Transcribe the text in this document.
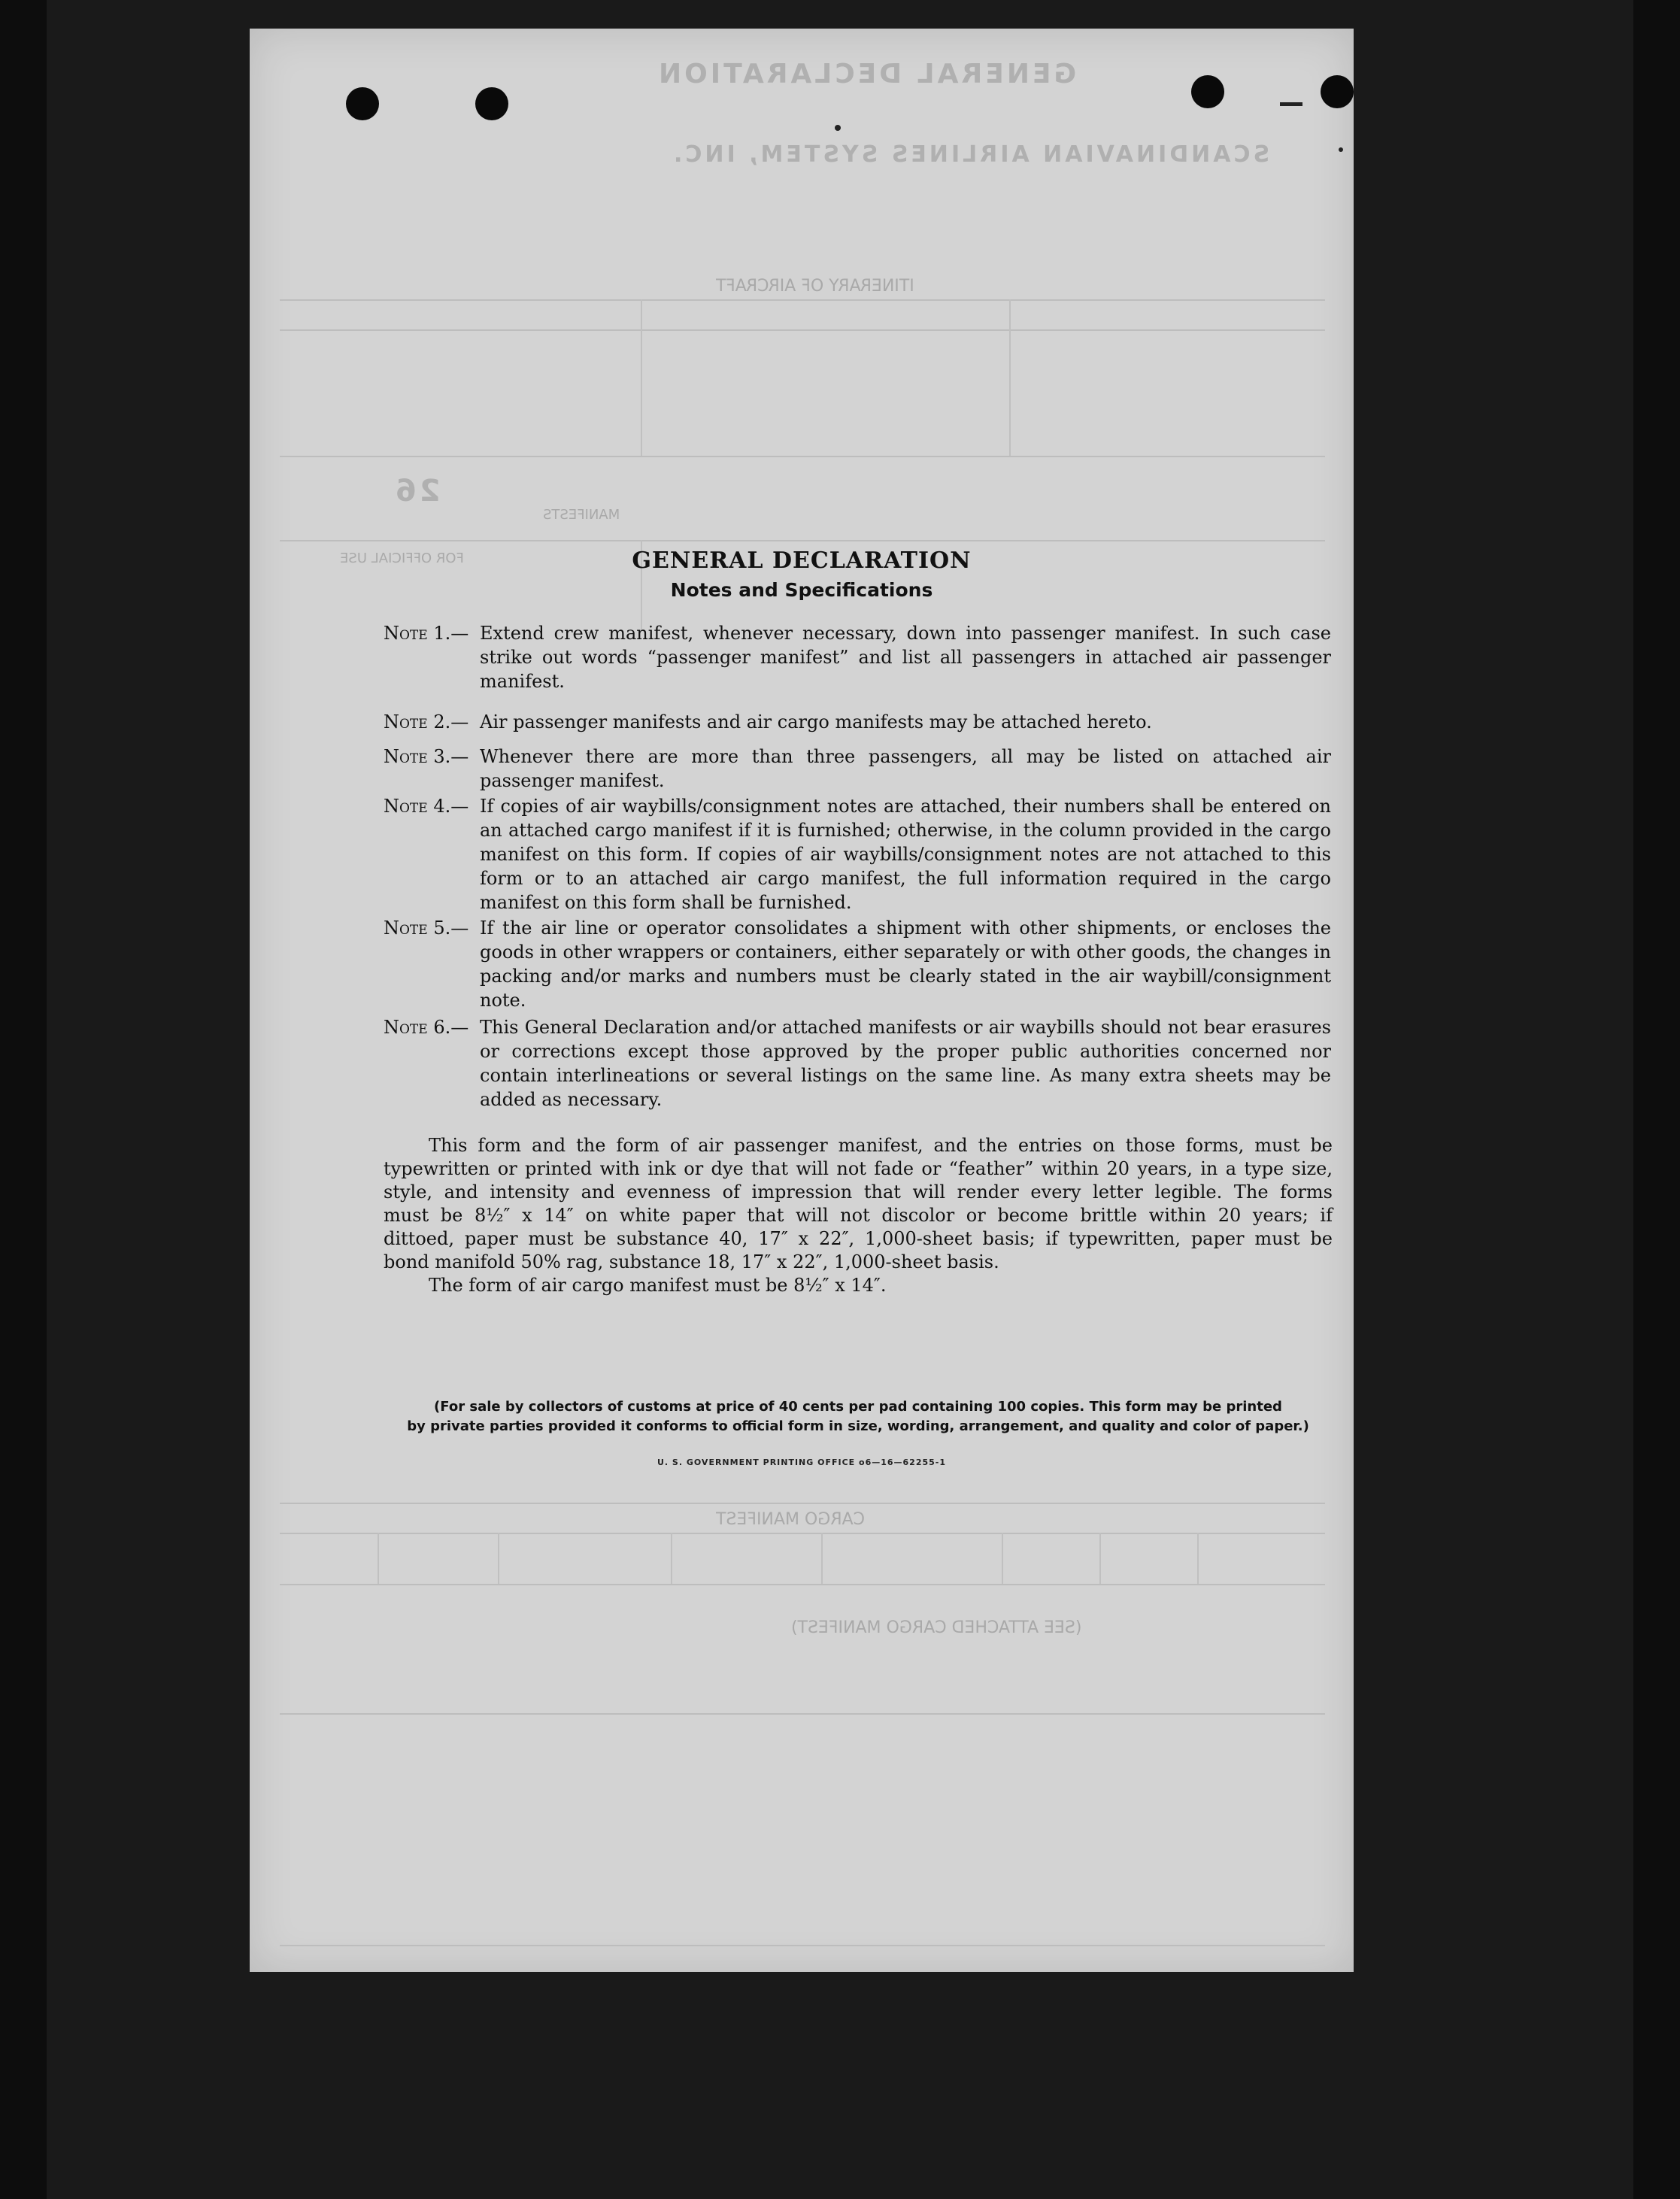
GENERAL DECLARATION
SCANDINAVIAN AIRLINES SYSTEM, INC.
ITINERARY OF AIRCRAFT
26
MANIFESTS
FOR OFFICIAL USE
CARGO MANIFEST
(SEE ATTACHED CARGO MANIFEST)
GENERAL DECLARATION
Notes and Specifications
Note 1.— Extend crew manifest, whenever necessary, down into passenger manifest. In such case strike out words “passenger manifest” and list all passengers in attached air passenger manifest.
Note 2.— Air passenger manifests and air cargo manifests may be attached hereto.
Note 3.— Whenever there are more than three passengers, all may be listed on attached air passenger manifest.
Note 4.— If copies of air waybills/consignment notes are attached, their numbers shall be entered on an attached cargo manifest if it is furnished; otherwise, in the column provided in the cargo manifest on this form. If copies of air waybills/consignment notes are not attached to this form or to an attached air cargo manifest, the full information required in the cargo manifest on this form shall be furnished.
Note 5.— If the air line or operator consolidates a shipment with other shipments, or encloses the goods in other wrappers or containers, either separately or with other goods, the changes in packing and/or marks and numbers must be clearly stated in the air waybill/consignment note.
Note 6.— This General Declaration and/or attached manifests or air waybills should not bear erasures or corrections except those approved by the proper public authorities concerned nor contain interlineations or several listings on the same line. As many extra sheets may be added as necessary.
This form and the form of air passenger manifest, and the entries on those forms, must be
typewritten or printed with ink or dye that will not fade or “feather” within 20 years, in a type size,
style, and intensity and evenness of impression that will render every letter legible. The forms
must be 8½″ x 14″ on white paper that will not discolor or become brittle within 20 years; if
dittoed, paper must be substance 40, 17″ x 22″, 1,000-sheet basis; if typewritten, paper must be
bond manifold 50% rag, substance 18, 17″ x 22″, 1,000-sheet basis.
The form of air cargo manifest must be 8½″ x 14″.
(For sale by collectors of customs at price of 40 cents per pad containing 100 copies. This form may be printed
by private parties provided it conforms to official form in size, wording, arrangement, and quality and color of paper.)
U. S. GOVERNMENT PRINTING OFFICE o6—16—62255-1
